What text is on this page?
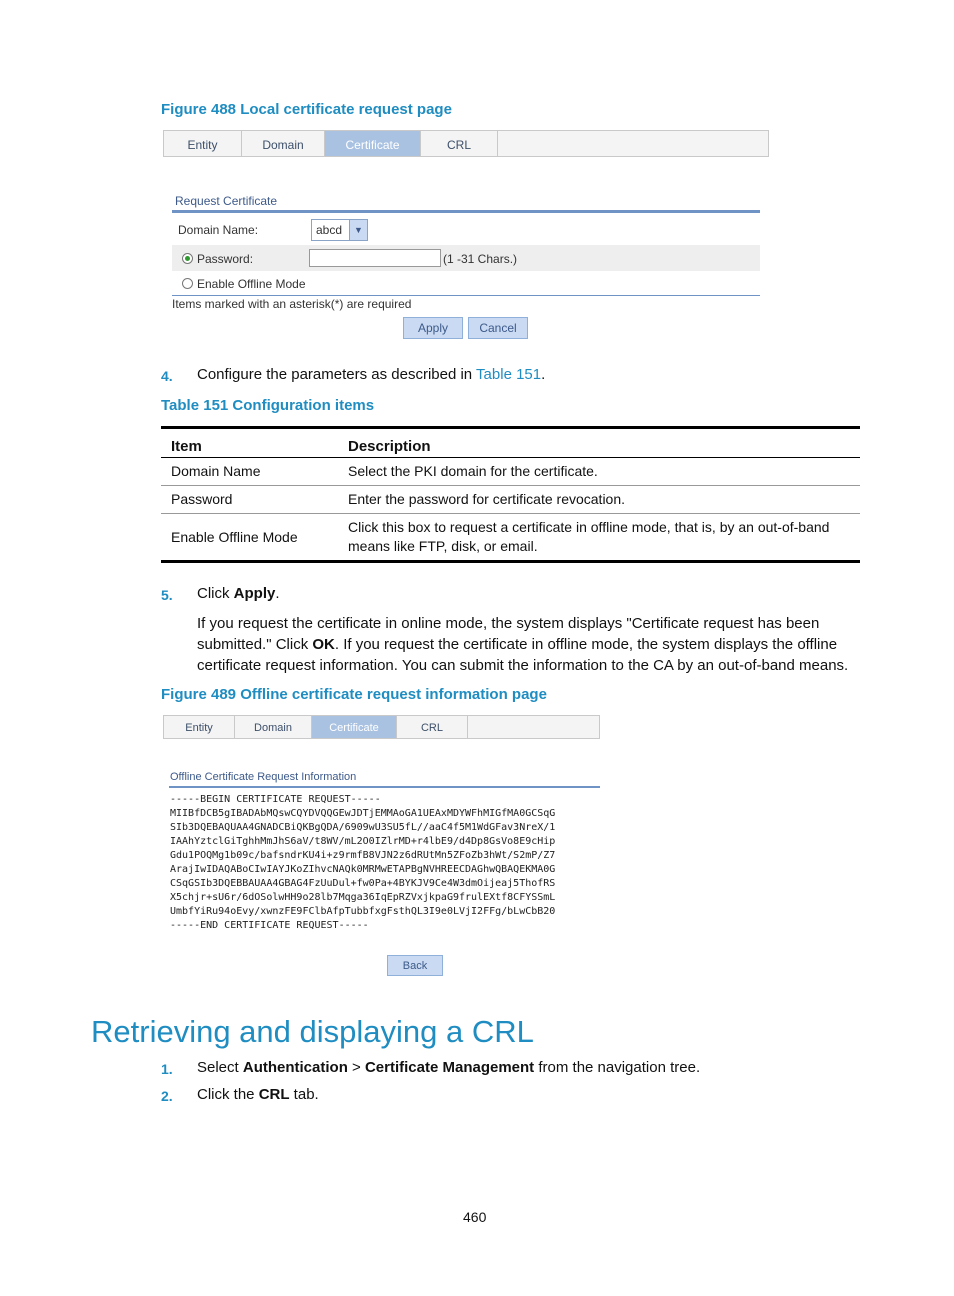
Figure 488 Local certificate request page
Entity	Domain	Certificate	CRL
Request Certificate
Domain Name:	abcd	▼
Password:	(1 -31 Chars.)
Enable Offline Mode
Items marked with an asterisk(*) are required
Apply	Cancel
4. Configure the parameters as described in Table 151.
Table 151 Configuration items
Item	Description
Domain Name	Select the PKI domain for the certificate.
Password	Enter the password for certificate revocation.
Enable Offline Mode	Click this box to request a certificate in offline mode, that is, by an out-of-band means like FTP, disk, or email.
5. Click Apply.
If you request the certificate in online mode, the system displays "Certificate request has been
submitted." Click OK. If you request the certificate in offline mode, the system displays the offline
certificate request information. You can submit the information to the CA by an out-of-band means.
Figure 489 Offline certificate request information page
Entity	Domain	Certificate	CRL
Offline Certificate Request Information
-----BEGIN CERTIFICATE REQUEST-----
MIIBfDCB5gIBADAbMQswCQYDVQQGEwJDTjEMMAoGA1UEAxMDYWFhMIGfMA0GCSqG
SIb3DQEBAQUAA4GNADCBiQKBgQDA/6909wU3SU5fL//aaC4f5M1WdGFav3NreX/1
IAAhYztclGiTghhMmJhS6aV/t8WV/mL2O0IZlrMD+r4lbE9/d4Dp8GsVo8E9cHip
Gdu1POQMg1b09c/bafsndrKU4i+z9rmfB8VJN2z6dRUtMn5ZFoZb3hWt/S2mP/Z7
ArajIwIDAQABoCIwIAYJKoZIhvcNAQk0MRMwETAPBgNVHREECDAGhwQBAQEKMA0G
CSqGSIb3DQEBBAUAA4GBAG4FzUuDul+fw0Pa+4BYKJV9Ce4W3dmOijeaj5ThofRS
X5chjr+sU6r/6dOSolwHH9o28lb7Mqga36IqEpRZVxjkpaG9frulEXtf8CFYSSmL
UmbfYiRu94oEvy/xwnzFE9FClbAfpTubbfxgFsthQL3I9e0LVjI2FFg/bLwCbB20
-----END CERTIFICATE REQUEST-----
Back
Retrieving and displaying a CRL
1. Select Authentication > Certificate Management from the navigation tree.
2. Click the CRL tab.
460
